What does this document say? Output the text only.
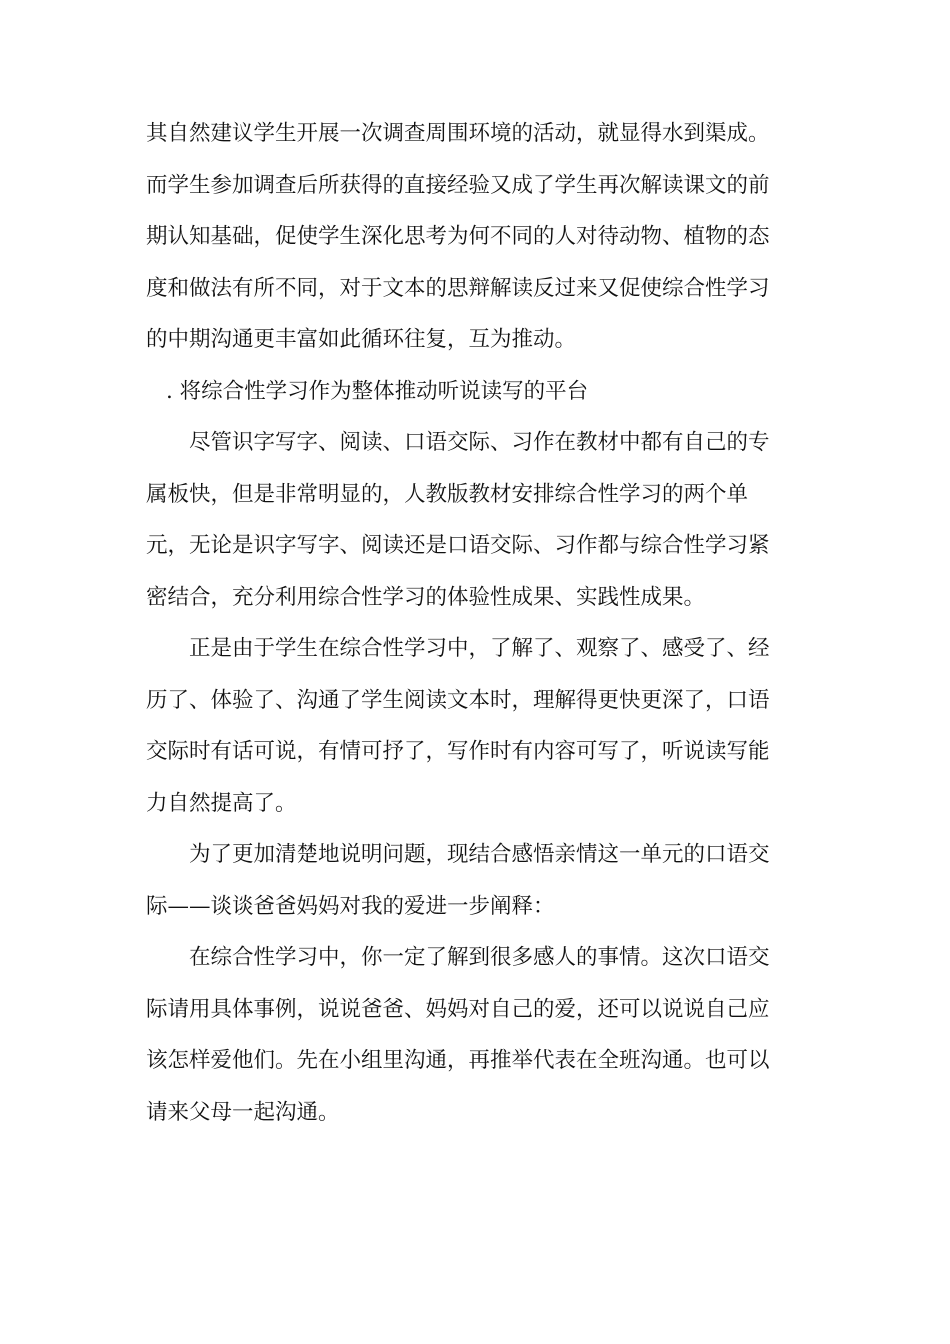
其自然建议学生开展一次调查周围环境的活动，就显得水到渠成。
而学生参加调查后所获得的直接经验又成了学生再次解读课文的前
期认知基础，促使学生深化思考为何不同的人对待动物、植物的态
度和做法有所不同，对于文本的思辩解读反过来又促使综合性学习
的中期沟通更丰富如此循环往复，互为推动。

. 将综合性学习作为整体推动听说读写的平台

尽管识字写字、阅读、口语交际、习作在教材中都有自己的专
属板快，但是非常明显的，人教版教材安排综合性学习的两个单
元，无论是识字写字、阅读还是口语交际、习作都与综合性学习紧
密结合，充分利用综合性学习的体验性成果、实践性成果。

正是由于学生在综合性学习中，了解了、观察了、感受了、经
历了、体验了、沟通了学生阅读文本时，理解得更快更深了，口语
交际时有话可说，有情可抒了，写作时有内容可写了，听说读写能
力自然提高了。

为了更加清楚地说明问题，现结合感悟亲情这一单元的口语交
际——谈谈爸爸妈妈对我的爱进一步阐释：

在综合性学习中，你一定了解到很多感人的事情。这次口语交
际请用具体事例，说说爸爸、妈妈对自己的爱，还可以说说自己应
该怎样爱他们。先在小组里沟通，再推举代表在全班沟通。也可以
请来父母一起沟通。
